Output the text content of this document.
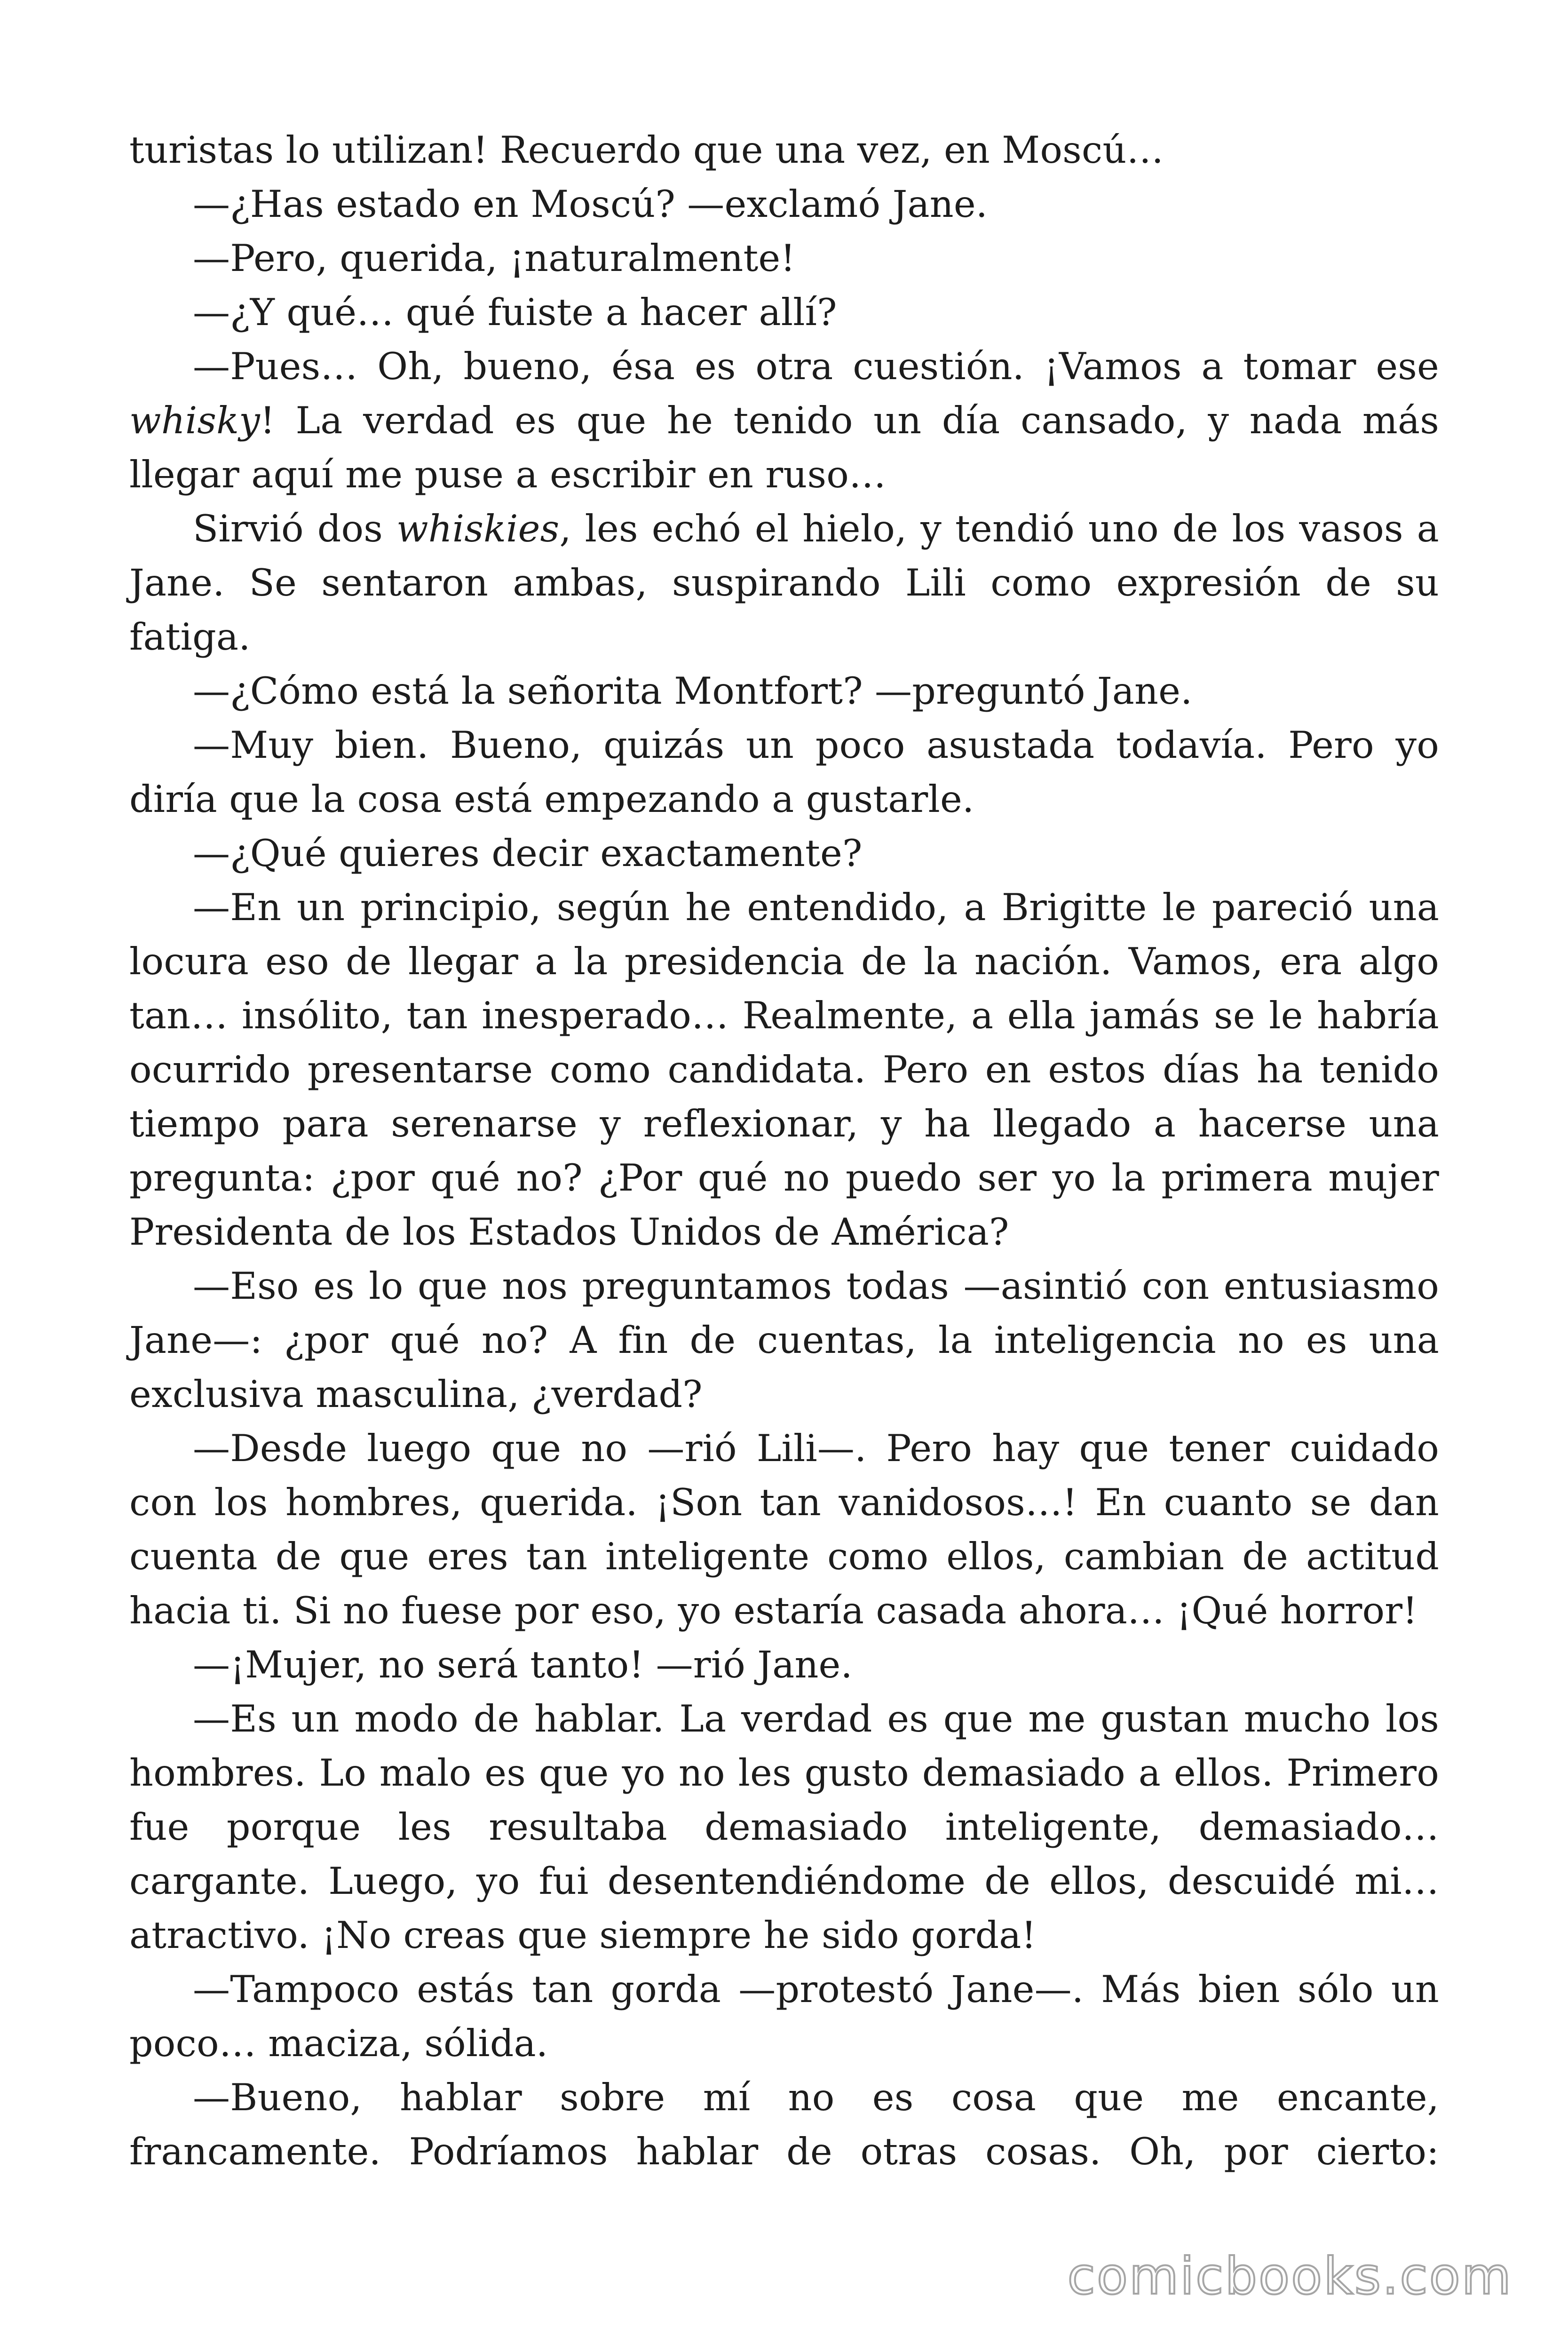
turistas lo utilizan! Recuerdo que una vez, en Moscú…

—¿Has estado en Moscú? —exclamó Jane.

—Pero, querida, ¡naturalmente!

—¿Y qué… qué fuiste a hacer allí?

—Pues… Oh, bueno, ésa es otra cuestión. ¡Vamos a tomar ese whisky! La verdad es que he tenido un día cansado, y nada más llegar aquí me puse a escribir en ruso…

Sirvió dos whiskies, les echó el hielo, y tendió uno de los vasos a Jane. Se sentaron ambas, suspirando Lili como expresión de su fatiga.

—¿Cómo está la señorita Montfort? —preguntó Jane.

—Muy bien. Bueno, quizás un poco asustada todavía. Pero yo diría que la cosa está empezando a gustarle.

—¿Qué quieres decir exactamente?

—En un principio, según he entendido, a Brigitte le pareció una locura eso de llegar a la presidencia de la nación. Vamos, era algo tan… insólito, tan inesperado… Realmente, a ella jamás se le habría ocurrido presentarse como candidata. Pero en estos días ha tenido tiempo para serenarse y reflexionar, y ha llegado a hacerse una pregunta: ¿por qué no? ¿Por qué no puedo ser yo la primera mujer Presidenta de los Estados Unidos de América?

—Eso es lo que nos preguntamos todas —asintió con entusiasmo Jane—: ¿por qué no? A fin de cuentas, la inteligencia no es una exclusiva masculina, ¿verdad?

—Desde luego que no —rió Lili—. Pero hay que tener cuidado con los hombres, querida. ¡Son tan vanidosos…! En cuanto se dan cuenta de que eres tan inteligente como ellos, cambian de actitud hacia ti. Si no fuese por eso, yo estaría casada ahora… ¡Qué horror!

—¡Mujer, no será tanto! —rió Jane.

—Es un modo de hablar. La verdad es que me gustan mucho los hombres. Lo malo es que yo no les gusto demasiado a ellos. Primero fue porque les resultaba demasiado inteligente, demasiado… cargante. Luego, yo fui desentendiéndome de ellos, descuidé mi… atractivo. ¡No creas que siempre he sido gorda!

—Tampoco estás tan gorda —protestó Jane—. Más bien sólo un poco… maciza, sólida.

—Bueno, hablar sobre mí no es cosa que me encante, francamente. Podríamos hablar de otras cosas. Oh, por cierto:

comicbooks.com
